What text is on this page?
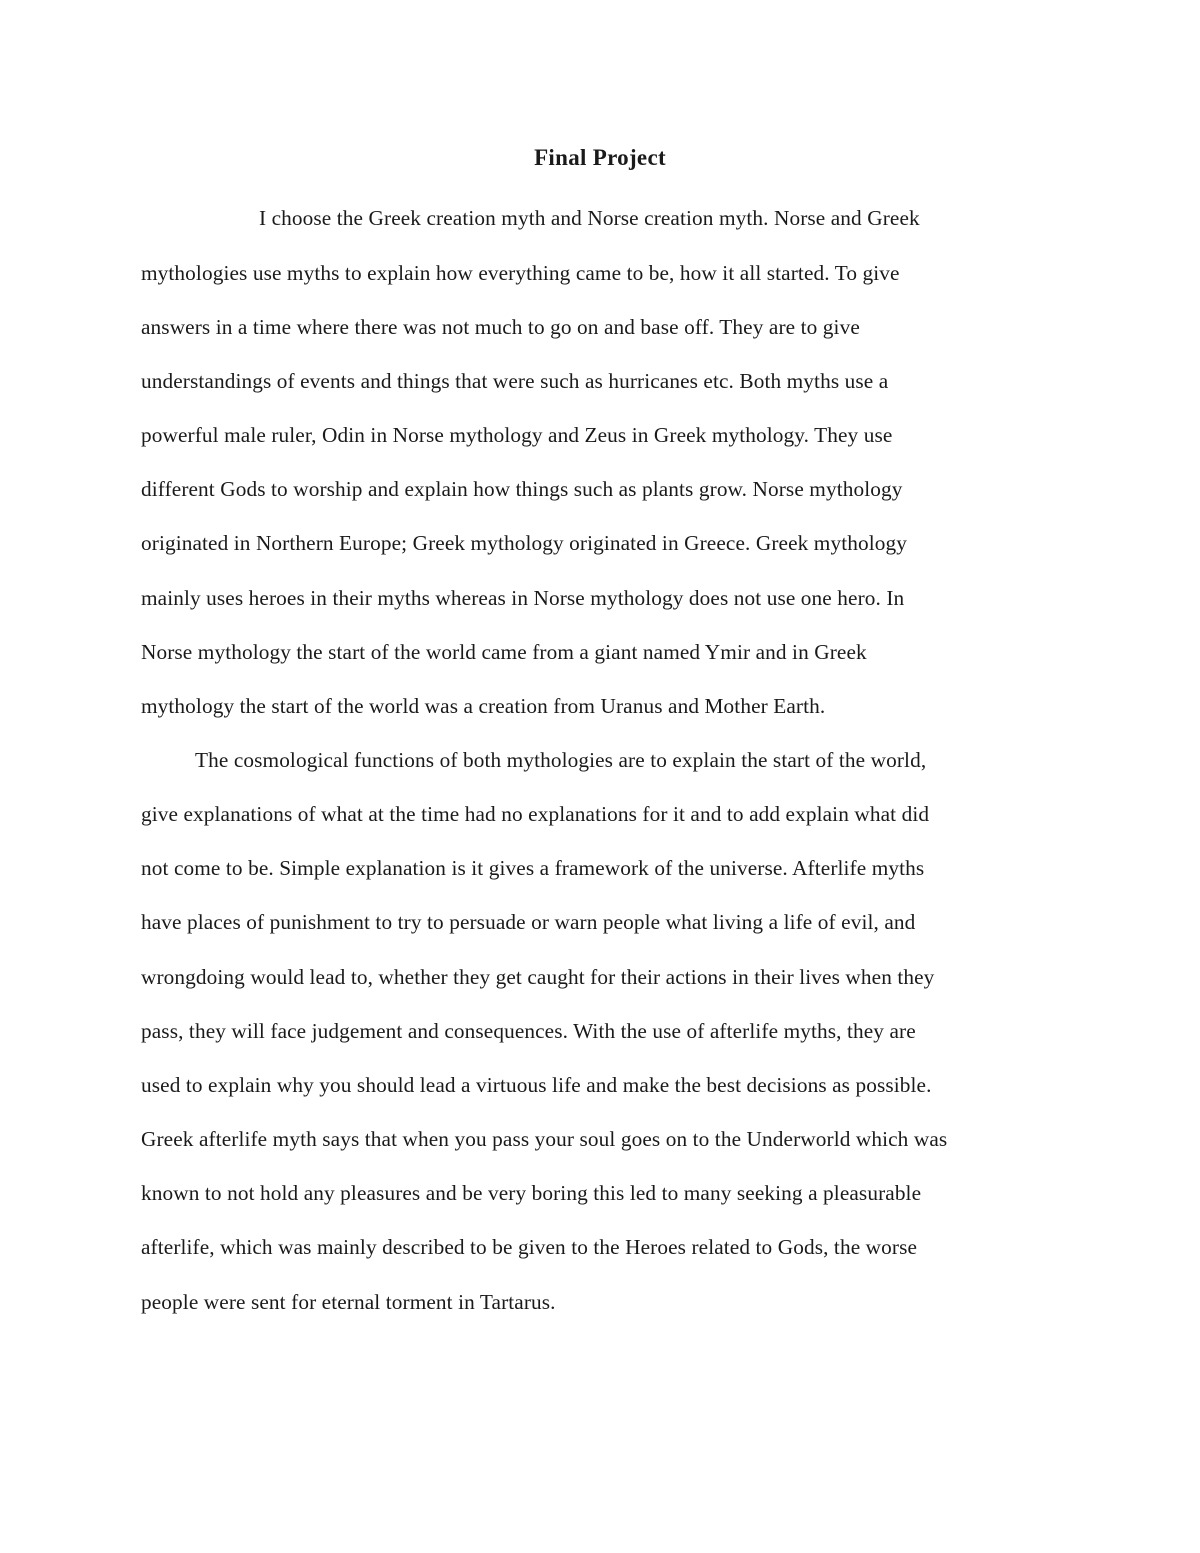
Final Project
I choose the Greek creation myth and Norse creation myth. Norse and Greek
mythologies use myths to explain how everything came to be, how it all started. To give
answers in a time where there was not much to go on and base off. They are to give
understandings of events and things that were such as hurricanes etc. Both myths use a
powerful male ruler, Odin in Norse mythology and Zeus in Greek mythology. They use
different Gods to worship and explain how things such as plants grow. Norse mythology
originated in Northern Europe; Greek mythology originated in Greece. Greek mythology
mainly uses heroes in their myths whereas in Norse mythology does not use one hero. In
Norse mythology the start of the world came from a giant named Ymir and in Greek
mythology the start of the world was a creation from Uranus and Mother Earth.
The cosmological functions of both mythologies are to explain the start of the world,
give explanations of what at the time had no explanations for it and to add explain what did
not come to be. Simple explanation is it gives a framework of the universe. Afterlife myths
have places of punishment to try to persuade or warn people what living a life of evil, and
wrongdoing would lead to, whether they get caught for their actions in their lives when they
pass, they will face judgement and consequences. With the use of afterlife myths, they are
used to explain why you should lead a virtuous life and make the best decisions as possible.
Greek afterlife myth says that when you pass your soul goes on to the Underworld which was
known to not hold any pleasures and be very boring this led to many seeking a pleasurable
afterlife, which was mainly described to be given to the Heroes related to Gods, the worse
people were sent for eternal torment in Tartarus.
